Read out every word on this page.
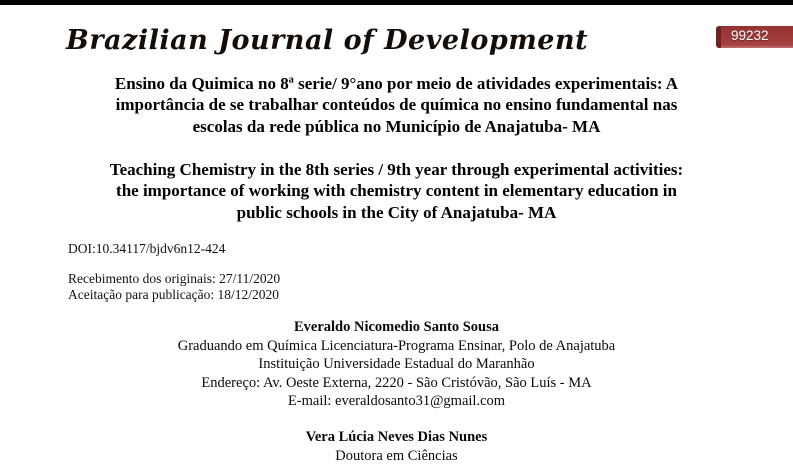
Brazilian Journal of Development	99232
Ensino da Quimica no 8ª serie/ 9°ano por meio de atividades experimentais: A
importância de se trabalhar conteúdos de química no ensino fundamental nas
escolas da rede pública no Município de Anajatuba- MA
Teaching Chemistry in the 8th series / 9th year through experimental activities:
the importance of working with chemistry content in elementary education in
public schools in the City of Anajatuba- MA
DOI:10.34117/bjdv6n12-424
Recebimento dos originais: 27/11/2020
Aceitação para publicação: 18/12/2020
Everaldo Nicomedio Santo Sousa
Graduando em Química Licenciatura-Programa Ensinar, Polo de Anajatuba
Instituição Universidade Estadual do Maranhão
Endereço: Av. Oeste Externa, 2220 - São Cristóvão, São Luís - MA
E-mail: everaldosanto31@gmail.com
Vera Lúcia Neves Dias Nunes
Doutora em Ciências
